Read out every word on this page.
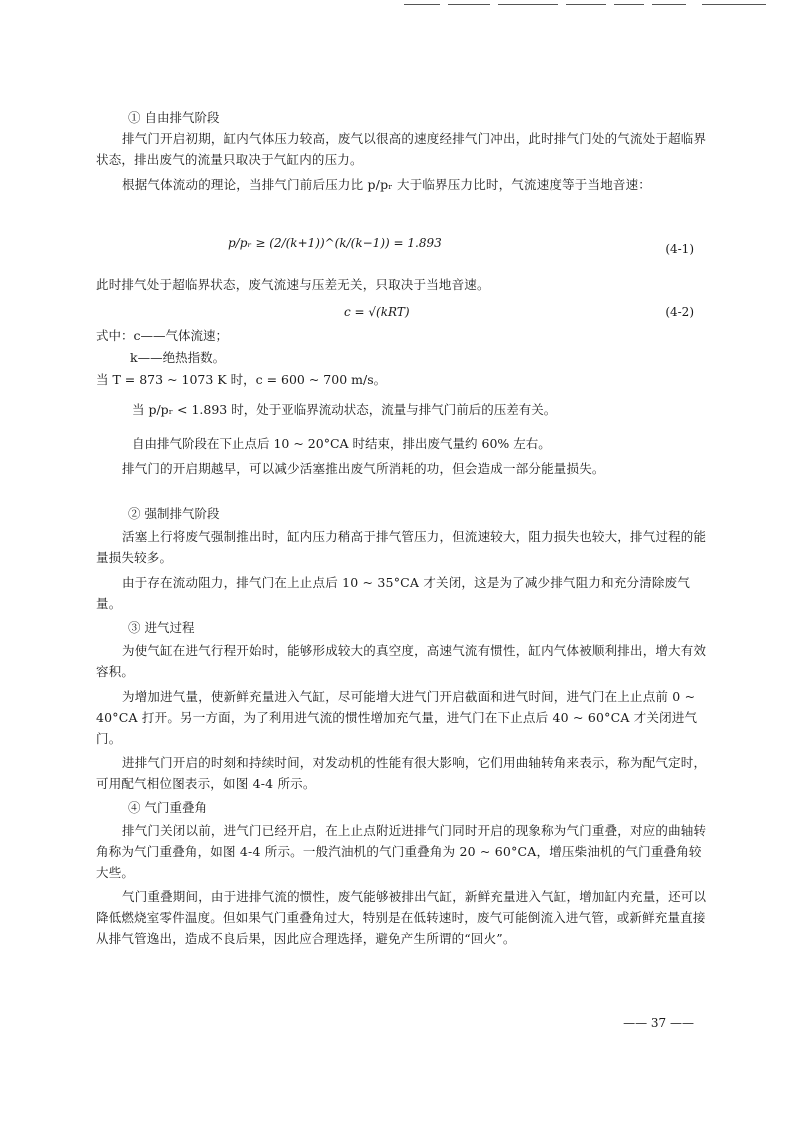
① 自由排气阶段
排气门开启初期，缸内气体压力较高，废气以很高的速度经排气门冲出，此时排气门处的气流处于超临界状态，排出废气的流量只取决于气缸内的压力。
根据气体流动的理论，当排气门前后压力比 p/pᵣ 大于临界压力比时，气流速度等于当地音速：
p/pᵣ ≥ (2/(k+1))^(k/(k−1)) = 1.893	(4-1)
此时排气处于超临界状态，废气流速与压差无关，只取决于当地音速。
c = √(kRT)	(4-2)
式中：c——气体流速；
k——绝热指数。
当 T = 873 ~ 1073 K 时，c = 600 ~ 700 m/s。
当 p/pᵣ < 1.893 时，处于亚临界流动状态，流量与排气门前后的压差有关。
自由排气阶段在下止点后 10 ~ 20°CA 时结束，排出废气量约 60% 左右。
排气门的开启期越早，可以减少活塞推出废气所消耗的功，但会造成一部分能量损失。
② 强制排气阶段
活塞上行将废气强制推出时，缸内压力稍高于排气管压力，但流速较大，阻力损失也较大，排气过程的能量损失较多。
由于存在流动阻力，排气门在上止点后 10 ~ 35°CA 才关闭，这是为了减少排气阻力和充分清除废气量。
③ 进气过程
为使气缸在进气行程开始时，能够形成较大的真空度，高速气流有惯性，缸内气体被顺利排出，增大有效容积。
为增加进气量，使新鲜充量进入气缸，尽可能增大进气门开启截面和进气时间，进气门在上止点前 0 ~ 40°CA 打开。另一方面，为了利用进气流的惯性增加充气量，进气门在下止点后 40 ~ 60°CA 才关闭进气门。
进排气门开启的时刻和持续时间，对发动机的性能有很大影响，它们用曲轴转角来表示，称为配气定时，可用配气相位图表示，如图 4-4 所示。
④ 气门重叠角
排气门关闭以前，进气门已经开启，在上止点附近进排气门同时开启的现象称为气门重叠，对应的曲轴转角称为气门重叠角，如图 4-4 所示。一般汽油机的气门重叠角为 20 ~ 60°CA，增压柴油机的气门重叠角较大些。
气门重叠期间，由于进排气流的惯性，废气能够被排出气缸，新鲜充量进入气缸，增加缸内充量，还可以降低燃烧室零件温度。但如果气门重叠角过大，特别是在低转速时，废气可能倒流入进气管，或新鲜充量直接从排气管逸出，造成不良后果，因此应合理选择，避免产生所谓的“回火”。
—— 37 ——
